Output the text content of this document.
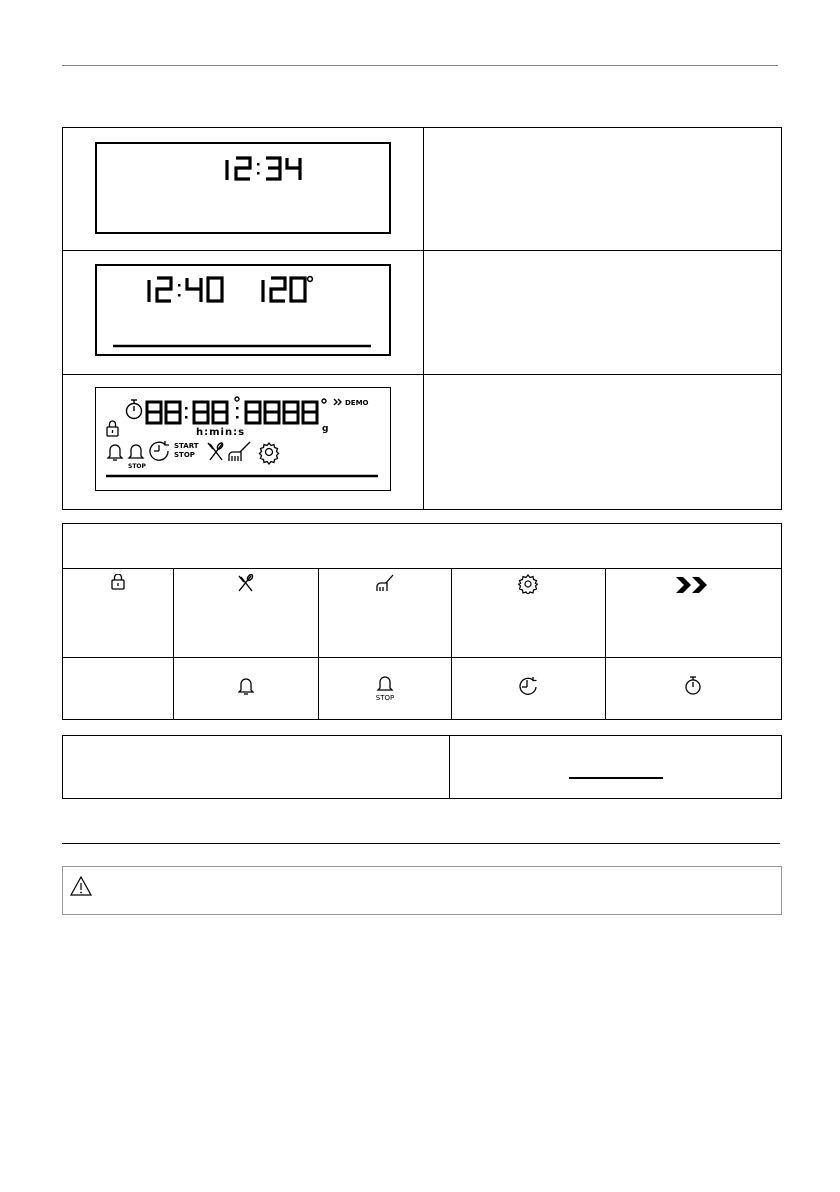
g
DEMO
h:min:s
STOP
START
STOP
STOP
